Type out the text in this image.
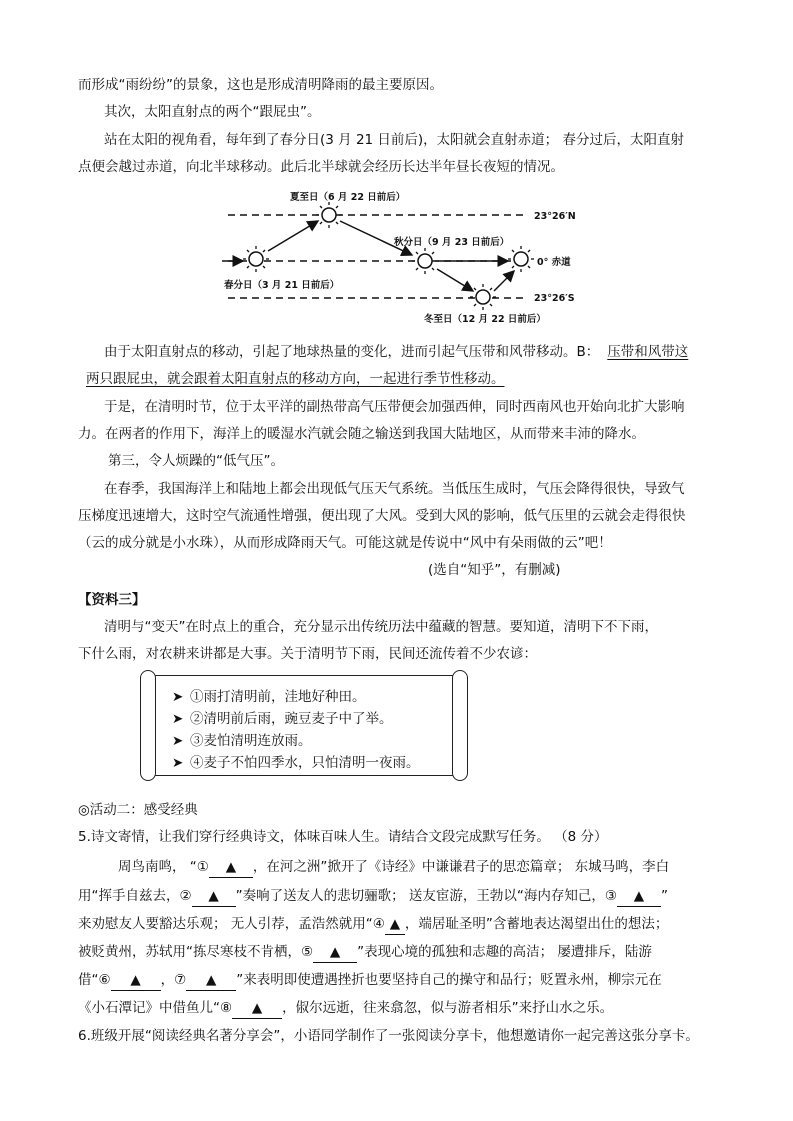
而形成“雨纷纷”的景象，这也是形成清明降雨的最主要原因。
其次，太阳直射点的两个“跟屁虫”。
站在太阳的视角看，每年到了春分日(3 月 21 日前后)，太阳就会直射赤道； 春分过后，太阳直射
点便会越过赤道，向北半球移动。此后北半球就会经历长达半年昼长夜短的情况。
夏至日（6 月 22 日前后）
秋分日（9 月 23 日前后）
春分日（3 月 21 日前后）
冬至日（12 月 22 日前后）
23°26′N
0° 赤道
23°26′S
由于太阳直射点的移动，引起了地球热量的变化，进而引起气压带和风带移动。B： 压带和风带这
两只跟屁虫，就会跟着太阳直射点的移动方向，一起进行季节性移动。
于是，在清明时节，位于太平洋的副热带高气压带便会加强西伸，同时西南风也开始向北扩大影响
力。在两者的作用下，海洋上的暖湿水汽就会随之输送到我国大陆地区，从而带来丰沛的降水。
第三，令人烦躁的“低气压”。
在春季，我国海洋上和陆地上都会出现低气压天气系统。当低压生成时，气压会降得很快，导致气
压梯度迅速增大，这时空气流通性增强，便出现了大风。受到大风的影响，低气压里的云就会走得很快
（云的成分就是小水珠），从而形成降雨天气。可能这就是传说中“风中有朵雨做的云”吧！
(选自“知乎”，有删减)
【资料三】
清明与“变天”在时点上的重合，充分显示出传统历法中蕴藏的智慧。要知道，清明下不下雨，
下什么雨，对农耕来讲都是大事。关于清明节下雨，民间还流传着不少农谚：
➤ ①雨打清明前，洼地好种田。
➤ ②清明前后雨，豌豆麦子中了举。
➤ ③麦怕清明连放雨。
➤ ④麦子不怕四季水，只怕清明一夜雨。
◎活动二：感受经典
5.诗文寄情，让我们穿行经典诗文，体味百味人生。请结合文段完成默写任务。 （8 分）
周鸟南鸣， “① ▲ ，在河之洲”掀开了《诗经》中谦谦君子的思恋篇章； 东城马鸣，李白
用“挥手自兹去，② ▲ ”奏响了送友人的悲切骊歌； 送友宦游，王勃以“海内存知己，③ ▲ ”
来劝慰友人要豁达乐观； 无人引荐，孟浩然就用“④ ▲ ，端居耻圣明”含蓄地表达渴望出仕的想法；
被贬黄州，苏轼用“拣尽寒枝不肯栖，⑤ ▲ ”表现心境的孤独和志趣的高洁； 屡遭排斥，陆游
借“⑥ ▲ ，⑦ ▲ ”来表明即使遭遇挫折也要坚持自己的操守和品行；贬置永州，柳宗元在
《小石潭记》中借鱼儿“⑧ ▲ ，俶尔远逝，往来翕忽，似与游者相乐”来抒山水之乐。
6.班级开展“阅读经典名著分享会”，小语同学制作了一张阅读分享卡，他想邀请你一起完善这张分享卡。
